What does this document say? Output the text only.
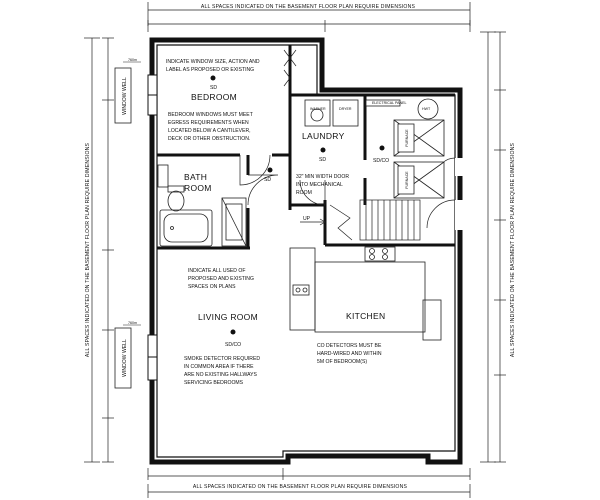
ALL SPACES INDICATED ON THE BASEMENT FLOOR PLAN REQUIRE DIMENSIONS
ALL SPACES INDICATED ON THE BASEMENT FLOOR PLAN REQUIRE DIMENSIONS
ALL SPACES INDICATED ON THE BASEMENT FLOOR PLAN REQUIRE DIMENSIONS	ALL SPACES INDICATED ON THE BASEMENT FLOOR PLAN REQUIRE DIMENSIONS
WINDOW WELL
WINDOW WELL
760m
760m
WASHER	DRYER
ELECTRICAL PANEL
HWT
FURNACE
FURNACE
UP
SD
SD
SD	SD/CO
SD/CO
BEDROOM
LAUNDRY
BATH
ROOM
LIVING ROOM	KITCHEN
INDICATE WINDOW SIZE, ACTION AND
LABEL AS PROPOSED OR EXISTING
BEDROOM WINDOWS MUST MEET
EGRESS REQUIREMENTS WHEN
LOCATED BELOW A CANTILEVER,
DECK OR OTHER OBSTRUCTION.
32" MIN WIDTH DOOR
INTO MECHANICAL
ROOM
INDICATE ALL USED OF
PROPOSED AND EXISTING
SPACES ON PLANS
SMOKE DETECTOR REQUIRED
IN COMMON AREA IF THERE
ARE NO EXISTING HALLWAYS
SERVICING BEDROOMS
CO DETECTORS MUST BE
HARD-WIRED AND WITHIN
5M OF BEDROOM(S)
